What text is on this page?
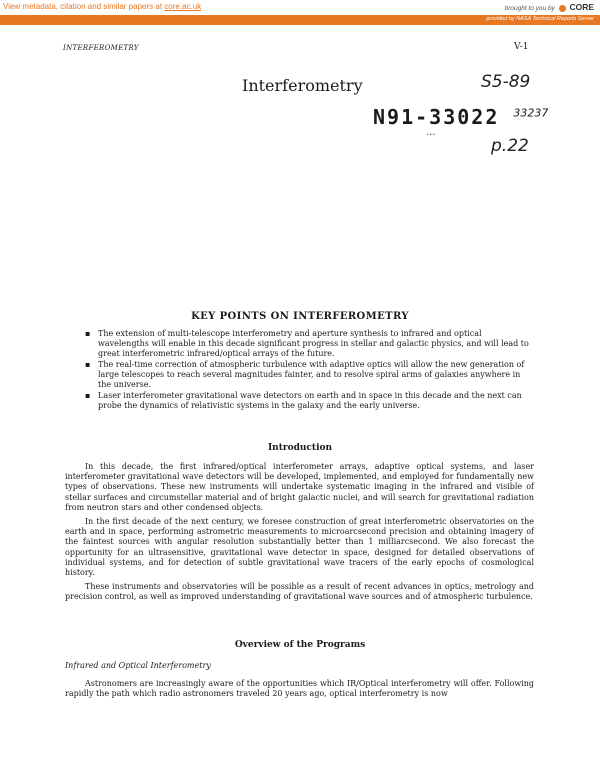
View metadata, citation and similar papers at core.ac.uk	brought to you by CORE
provided by NASA Technical Reports Server
INTERFEROMETRY	V-1
Interferometry	S5-89
N91-33022 $^{33237}$
...
p.22
KEY POINTS ON INTERFEROMETRY
▪ The extension of multi-telescope interferometry and aperture synthesis to infrared and optical wavelengths will enable in this decade significant progress in stellar and galactic physics, and will lead to great interferometric infrared/optical arrays of the future.
▪ The real-time correction of atmospheric turbulence with adaptive optics will allow the new generation of large telescopes to reach several magnitudes fainter, and to resolve spiral arms of galaxies anywhere in the universe.
▪ Laser interferometer gravitational wave detectors on earth and in space in this decade and the next can probe the dynamics of relativistic systems in the galaxy and the early universe.
Introduction

In this decade, the first infrared/optical interferometer arrays, adaptive optical systems, and laser interferometer gravitational wave detectors will be developed, implemented, and employed for fundamentally new types of observations. These new instruments will undertake systematic imaging in the infrared and visible of stellar surfaces and circumstellar material and of bright galactic nuclei, and will search for gravitational radiation from neutron stars and other condensed objects.

In the first decade of the next century, we foresee construction of great interferometric observatories on the earth and in space, performing astrometric measurements to microarcsecond precision and obtaining imagery of the faintest sources with angular resolution substantially better than 1 milliarcsecond. We also forecast the opportunity for an ultrasensitive, gravitational wave detector in space, designed for detailed observations of individual systems, and for detection of subtle gravitational wave tracers of the early epochs of cosmological history.

These instruments and observatories will be possible as a result of recent advances in optics, metrology and precision control, as well as improved understanding of gravitational wave sources and of atmospheric turbulence.

Overview of the Programs
Infrared and Optical Interferometry

Astronomers are increasingly aware of the opportunities which IR/Optical interferometry will offer. Following rapidly the path which radio astronomers traveled 20 years ago, optical interferometry is now
